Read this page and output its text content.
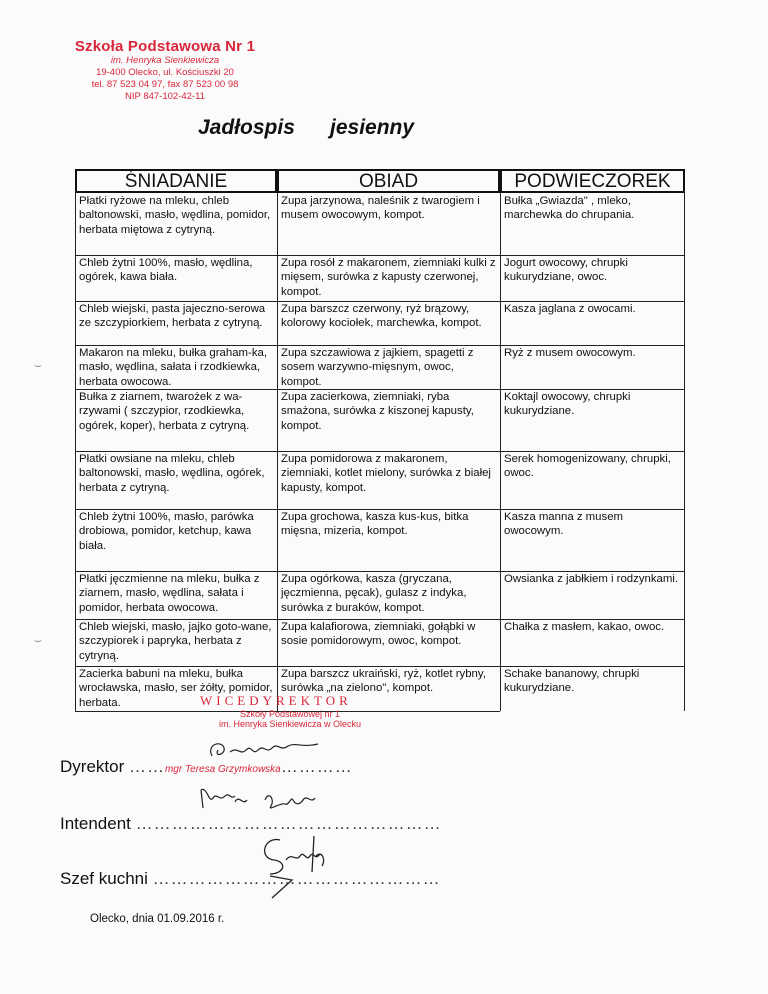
Szkoła Podstawowa Nr 1
im. Henryka Sienkiewicza
19-400 Olecko, ul. Kościuszki 20
tel. 87 523 04 97, fax 87 523 00 98
NIP 847-102-42-11
Jadłospis jesienny
ŚNIADANIE	OBIAD	PODWIECZOREK
Płatki ryżowe na mleku, chleb baltonowski, masło, wędlina, pomidor, herbata miętowa z cytryną.
Zupa jarzynowa, naleśnik z twarogiem i musem owocowym, kompot.
Bułka „Gwiazda" , mleko, marchewka do chrupania.
Chleb żytni 100%, masło, wędlina, ogórek, kawa biała.
Zupa rosół z makaronem, ziemniaki kulki z mięsem, surówka z kapusty czerwonej, kompot.
Jogurt owocowy, chrupki kukurydziane, owoc.
Chleb wiejski, pasta jajeczno-serowa ze szczypiorkiem, herbata z cytryną.
Zupa barszcz czerwony, ryż brązowy, kolorowy kociołek, marchewka, kompot.
Kasza jaglana z owocami.
Makaron na mleku, bułka graham-ka, masło, wędlina, sałata i rzodkiewka, herbata owocowa.
Zupa szczawiowa z jajkiem, spagetti z sosem warzywno-mięsnym, owoc, kompot.
Ryż z musem owocowym.
Bułka z ziarnem, twarożek z wa-rzywami ( szczypior, rzodkiewka, ogórek, koper), herbata z cytryną.
Zupa zacierkowa, ziemniaki, ryba smażona, surówka z kiszonej kapusty, kompot.
Koktajl owocowy, chrupki kukurydziane.
Płatki owsiane na mleku, chleb baltonowski, masło, wędlina, ogórek, herbata z cytryną.
Zupa pomidorowa z makaronem, ziemniaki, kotlet mielony, surówka z białej kapusty, kompot.
Serek homogenizowany, chrupki, owoc.
Chleb żytni 100%, masło, parówka drobiowa, pomidor, ketchup, kawa biała.
Zupa grochowa, kasza kus-kus, bitka mięsna, mizeria, kompot.
Kasza manna z musem owocowym.
Płatki jęczmienne na mleku, bułka z ziarnem, masło, wędlina, sałata i pomidor, herbata owocowa.
Zupa ogórkowa, kasza (gryczana, jęczmienna, pęcak), gulasz z indyka, surówka z buraków, kompot.
Owsianka z jabłkiem i rodzynkami.
Chleb wiejski, masło, jajko goto-wane, szczypiorek i papryka, herbata z cytryną.
Zupa kalafiorowa, ziemniaki, gołąbki w sosie pomidorowym, owoc, kompot.
Chałka z masłem, kakao, owoc.
Zacierka babuni na mleku, bułka wrocławska, masło, ser żółty, pomidor, herbata.
Zupa barszcz ukraiński, ryż, kotlet rybny, surówka „na zielono", kompot.
Schake bananowy, chrupki kukurydziane.
⌣
⌣
WICEDYREKTOR
Szkoły Podstawowej nr 1
im. Henryka Sienkiewicza w Olecku
Dyrektor ……mgr Teresa Grzymkowska…………
Intendent ……………………………………………
Szef kuchni …………………………………………
Olecko, dnia 01.09.2016 r.
